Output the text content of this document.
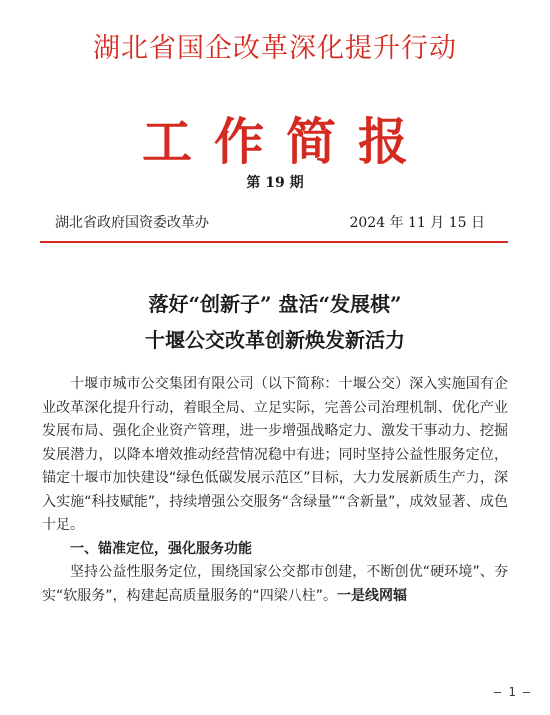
湖北省国企改革深化提升行动
工作简报
第 19 期
湖北省政府国资委改革办	2024 年 11 月 15 日
落好“创新子” 盘活“发展棋”
十堰公交改革创新焕发新活力

十堰市城市公交集团有限公司（以下简称：十堰公交）深入实施国有企业改革深化提升行动，着眼全局、立足实际，完善公司治理机制、优化产业发展布局、强化企业资产管理，进一步增强战略定力、激发干事动力、挖掘发展潜力，以降本增效推动经营情况稳中有进；同时坚持公益性服务定位，锚定十堰市加快建设“绿色低碳发展示范区”目标，大力发展新质生产力，深入实施“科技赋能”，持续增强公交服务“含绿量”“含新量”，成效显著、成色十足。

一、锚准定位，强化服务功能

坚持公益性服务定位，围绕国家公交都市创建，不断创优“硬环境”、夯实“软服务”，构建起高质量服务的“四梁八柱”。一是线网辐

— 1 —
